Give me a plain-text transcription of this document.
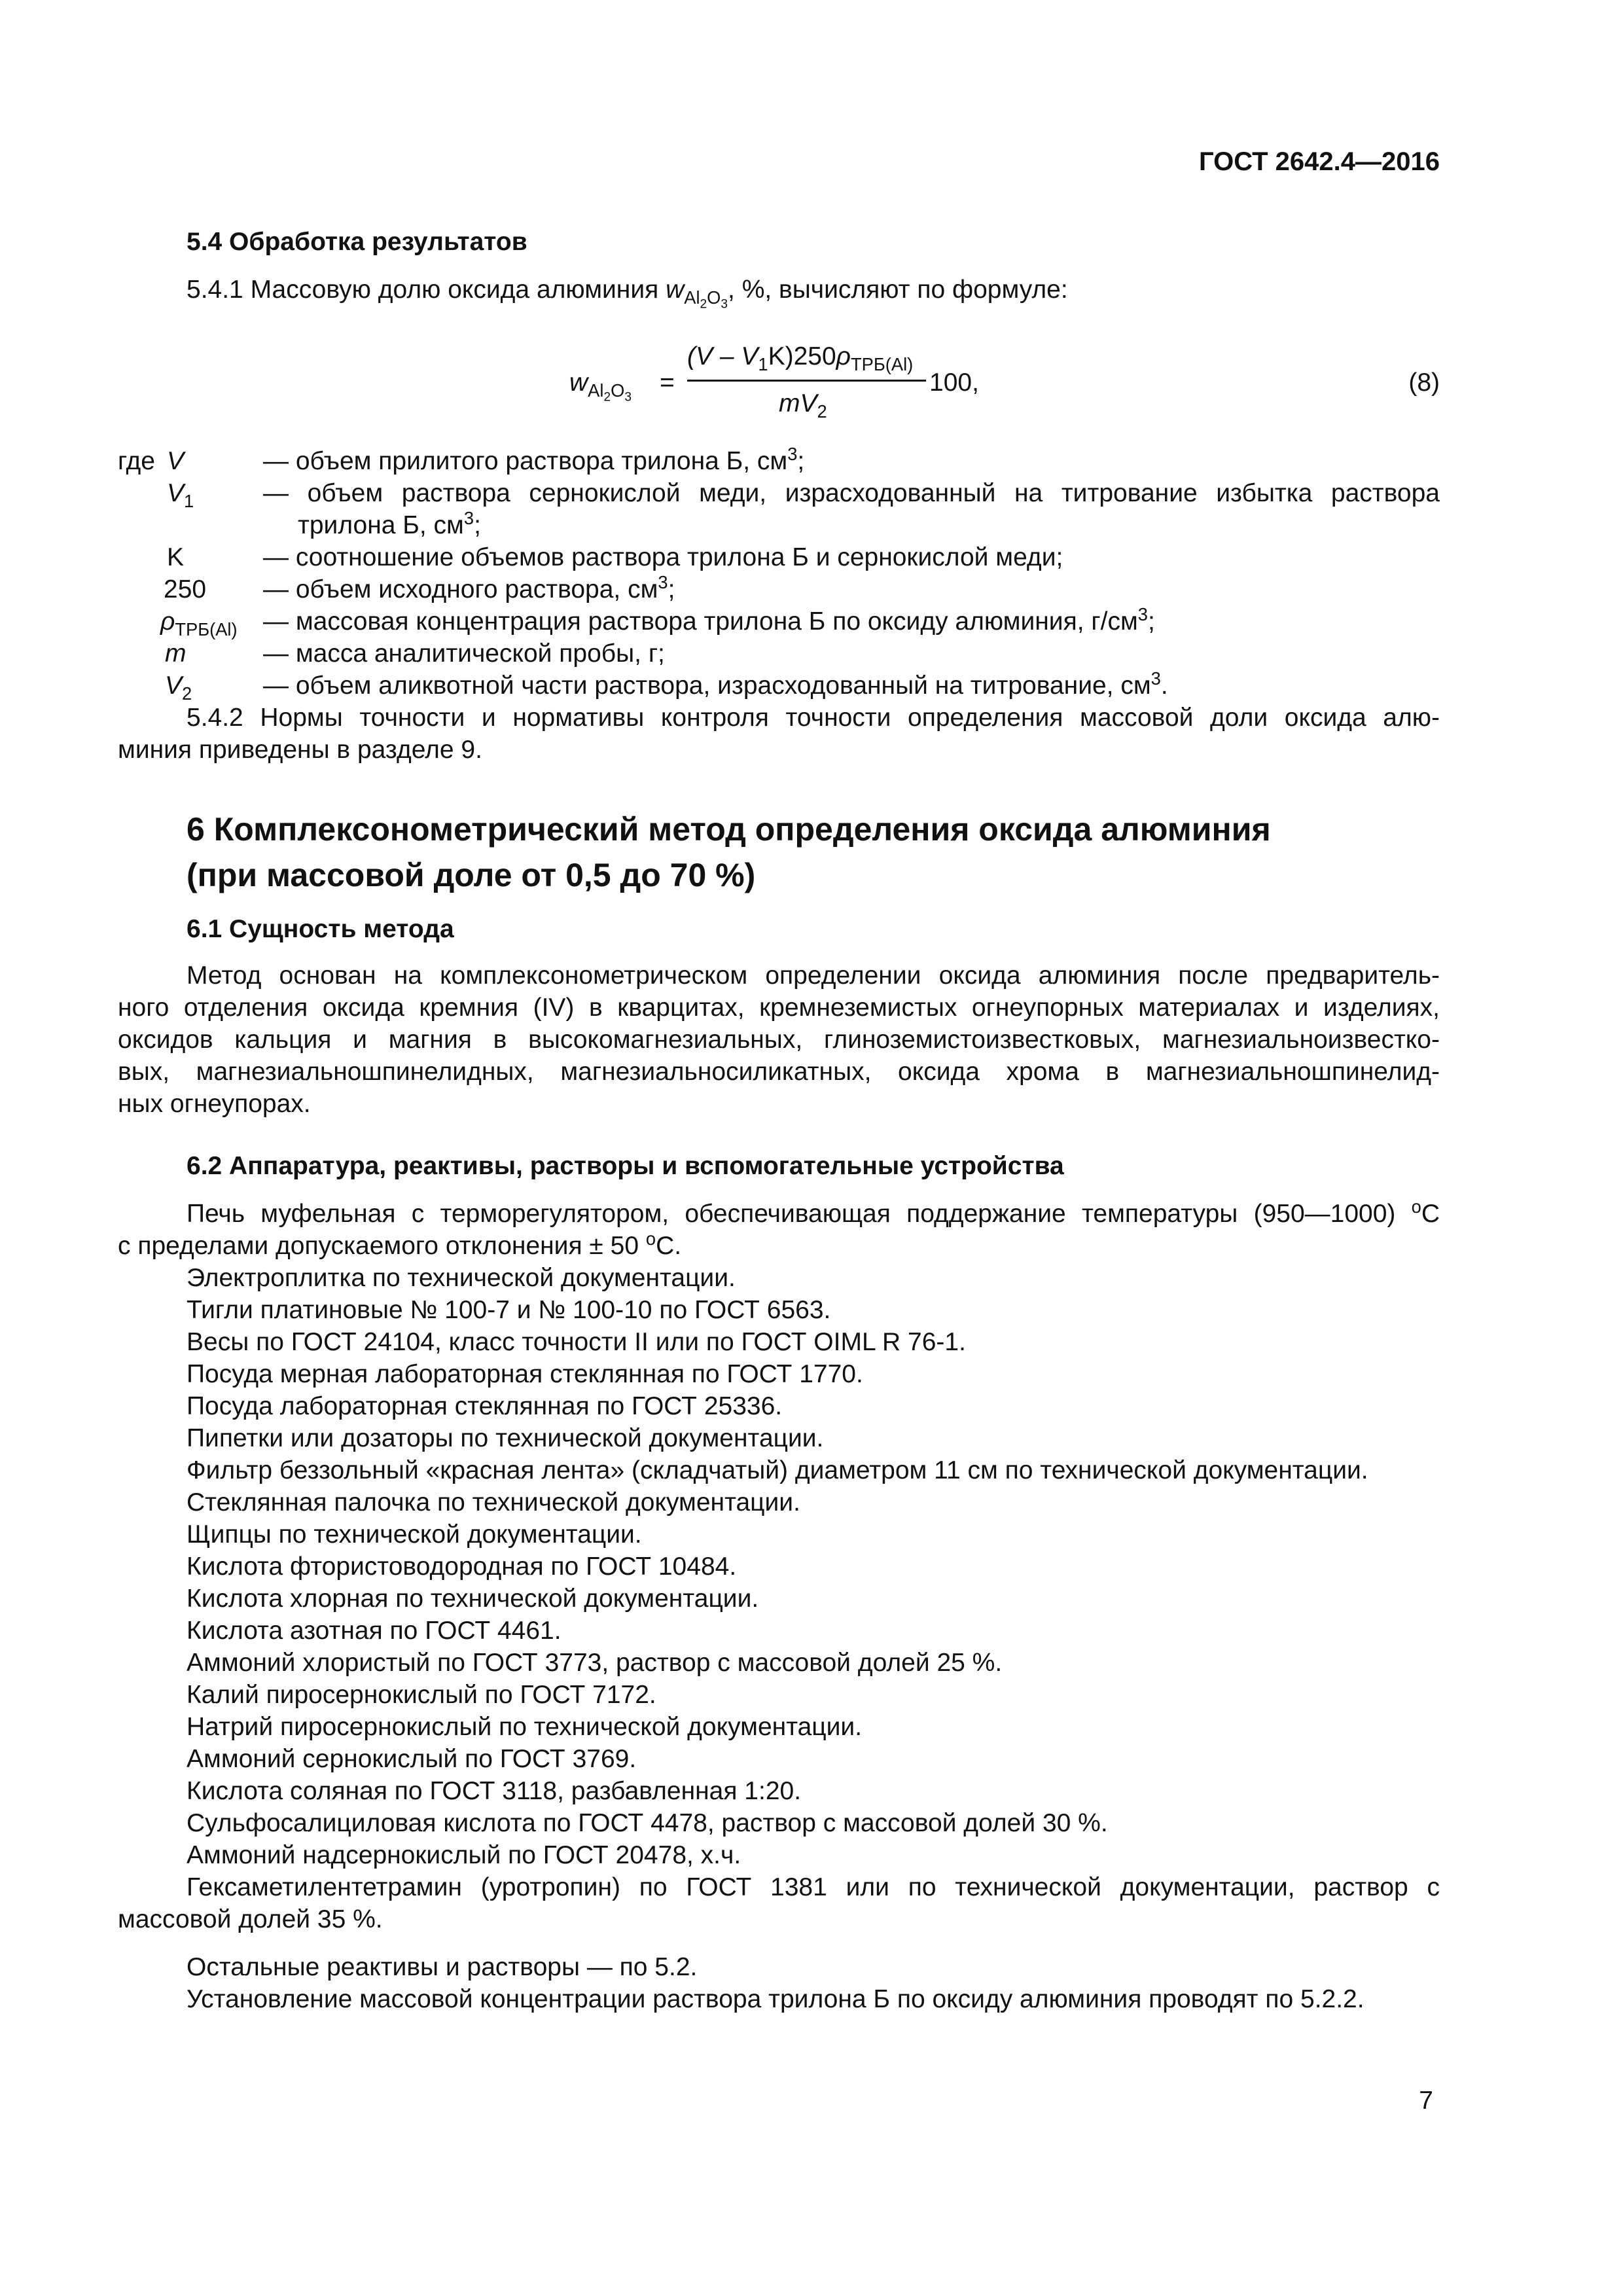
ГОСТ 2642.4—2016
5.4 Обработка результатов
5.4.1 Массовую долю оксида алюминия $w_{Al_2O_3}$, %, вычисляют по формуле:
$w_{Al_2O_3}$
=
$(V - V_1K)250\rho_{ТРБ(Al)}$
$mV_2$
100,	(8)
где V	— объем прилитого раствора трилона Б, $см^3$;
$V_1$	— объем раствора сернокислой меди, израсходованный на титрование избытка раствора
трилона Б, $см^3$;
K	— соотношение объемов раствора трилона Б и сернокислой меди;
250 — объем исходного раствора, $см^3$;
$\rho_{ТРБ(Al)}$ — массовая концентрация раствора трилона Б по оксиду алюминия, $г/см^3$;
m	— масса аналитической пробы, г;
$V_2$	— объем аликвотной части раствора, израсходованный на титрование, $см^3$.
5.4.2 Нормы точности и нормативы контроля точности определения массовой доли оксида алю-
миния приведены в разделе 9.
6 Комплексонометрический метод определения оксида алюминия
(при массовой доле от 0,5 до 70 %)
6.1 Сущность метода
Метод основан на комплексонометрическом определении оксида алюминия после предваритель-
ного отделения оксида кремния (IV) в кварцитах, кремнеземистых огнеупорных материалах и изделиях,
оксидов кальция и магния в высокомагнезиальных, глиноземистоизвестковых, магнезиальноизвестко-
вых, магнезиальношпинелидных, магнезиальносиликатных, оксида хрома в магнезиальношпинелид-
ных огнеупорах.
6.2 Аппаратура, реактивы, растворы и вспомогательные устройства
Печь муфельная с терморегулятором, обеспечивающая поддержание температуры (950—1000) $^о$С
с пределами допускаемого отклонения ± 50 $^о$С.
Электроплитка по технической документации.
Тигли платиновые № 100-7 и № 100-10 по ГОСТ 6563.
Весы по ГОСТ 24104, класс точности II или по ГОСТ OIML R 76-1.
Посуда мерная лабораторная стеклянная по ГОСТ 1770.
Посуда лабораторная стеклянная по ГОСТ 25336.
Пипетки или дозаторы по технической документации.
Фильтр беззольный «красная лента» (складчатый) диаметром 11 см по технической документации.
Стеклянная палочка по технической документации.
Щипцы по технической документации.
Кислота фтористоводородная по ГОСТ 10484.
Кислота хлорная по технической документации.
Кислота азотная по ГОСТ 4461.
Аммоний хлористый по ГОСТ 3773, раствор с массовой долей 25 %.
Калий пиросернокислый по ГОСТ 7172.
Натрий пиросернокислый по технической документации.
Аммоний сернокислый по ГОСТ 3769.
Кислота соляная по ГОСТ 3118, разбавленная 1:20.
Сульфосалициловая кислота по ГОСТ 4478, раствор с массовой долей 30 %.
Аммоний надсернокислый по ГОСТ 20478, х.ч.
Гексаметилентетрамин (уротропин) по ГОСТ 1381 или по технической документации, раствор с
массовой долей 35 %.
Остальные реактивы и растворы — по 5.2.
Установление массовой концентрации раствора трилона Б по оксиду алюминия проводят по 5.2.2.
7
